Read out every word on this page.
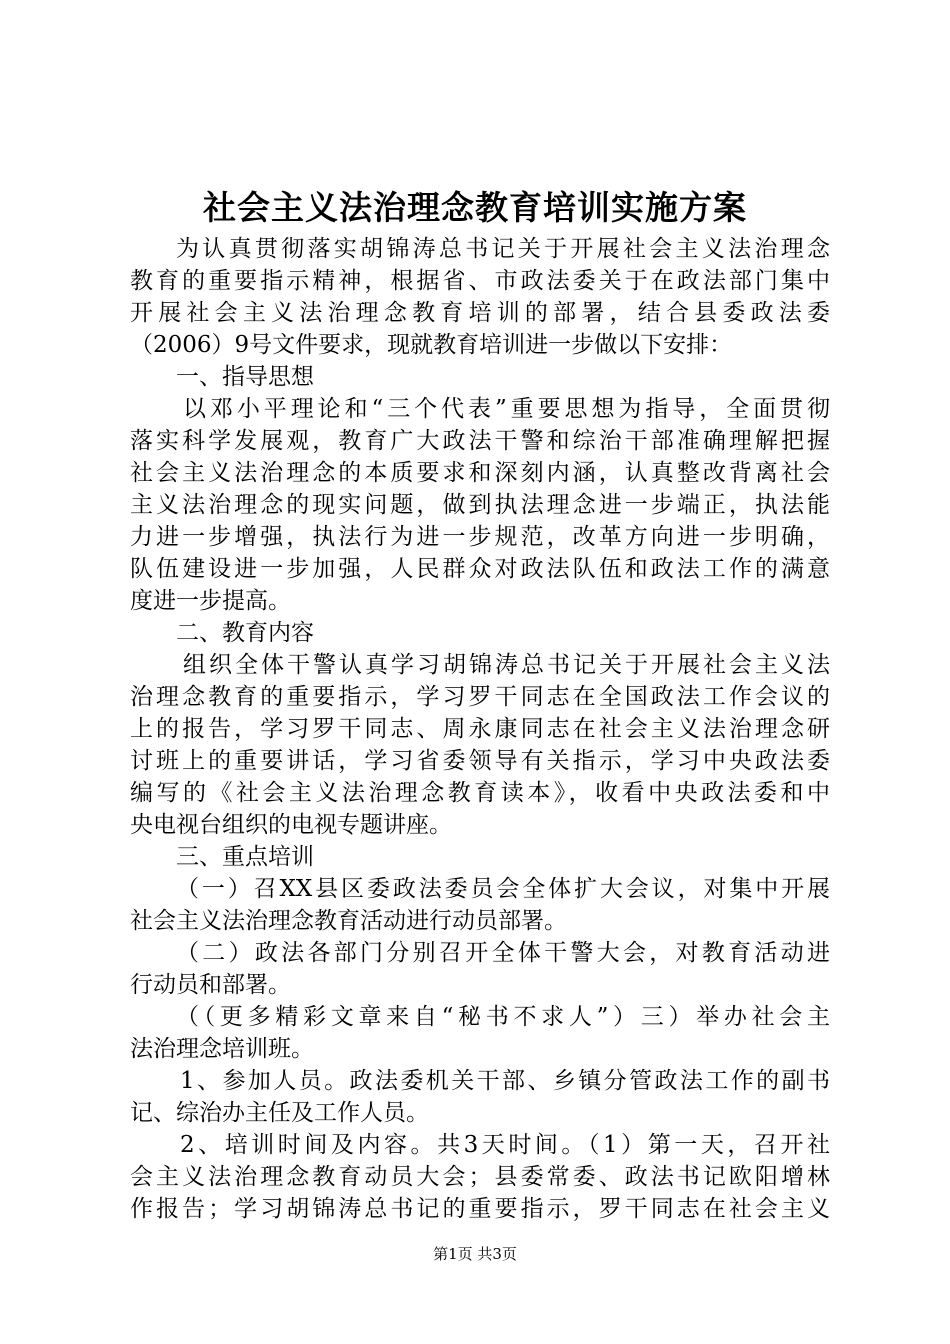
社会主义法治理念教育培训实施方案
为认真贯彻落实胡锦涛总书记关于开展社会主义法治理念
教育的重要指示精神，根据省、市政法委关于在政法部门集中
开展社会主义法治理念教育培训的部署，结合县委政法委
（2006）9号文件要求，现就教育培训进一步做以下安排：
一、指导思想
以邓小平理论和“三个代表”重要思想为指导，全面贯彻
落实科学发展观，教育广大政法干警和综治干部准确理解把握
社会主义法治理念的本质要求和深刻内涵，认真整改背离社会
主义法治理念的现实问题，做到执法理念进一步端正，执法能
力进一步增强，执法行为进一步规范，改革方向进一步明确，
队伍建设进一步加强，人民群众对政法队伍和政法工作的满意
度进一步提高。
二、教育内容
组织全体干警认真学习胡锦涛总书记关于开展社会主义法
治理念教育的重要指示，学习罗干同志在全国政法工作会议的
上的报告，学习罗干同志、周永康同志在社会主义法治理念研
讨班上的重要讲话，学习省委领导有关指示，学习中央政法委
编写的《社会主义法治理念教育读本》，收看中央政法委和中
央电视台组织的电视专题讲座。
三、重点培训
（一）召XX县区委政法委员会全体扩大会议，对集中开展
社会主义法治理念教育活动进行动员部署。
（二）政法各部门分别召开全体干警大会，对教育活动进
行动员和部署。
（（更多精彩文章来自“秘书不求人”）三）举办社会主
法治理念培训班。
1、参加人员。政法委机关干部、乡镇分管政法工作的副书
记、综治办主任及工作人员。
2、培训时间及内容。共3天时间。（1）第一天，召开社
会主义法治理念教育动员大会；县委常委、政法书记欧阳增林
作报告；学习胡锦涛总书记的重要指示，罗干同志在社会主义
第1页 共3页
